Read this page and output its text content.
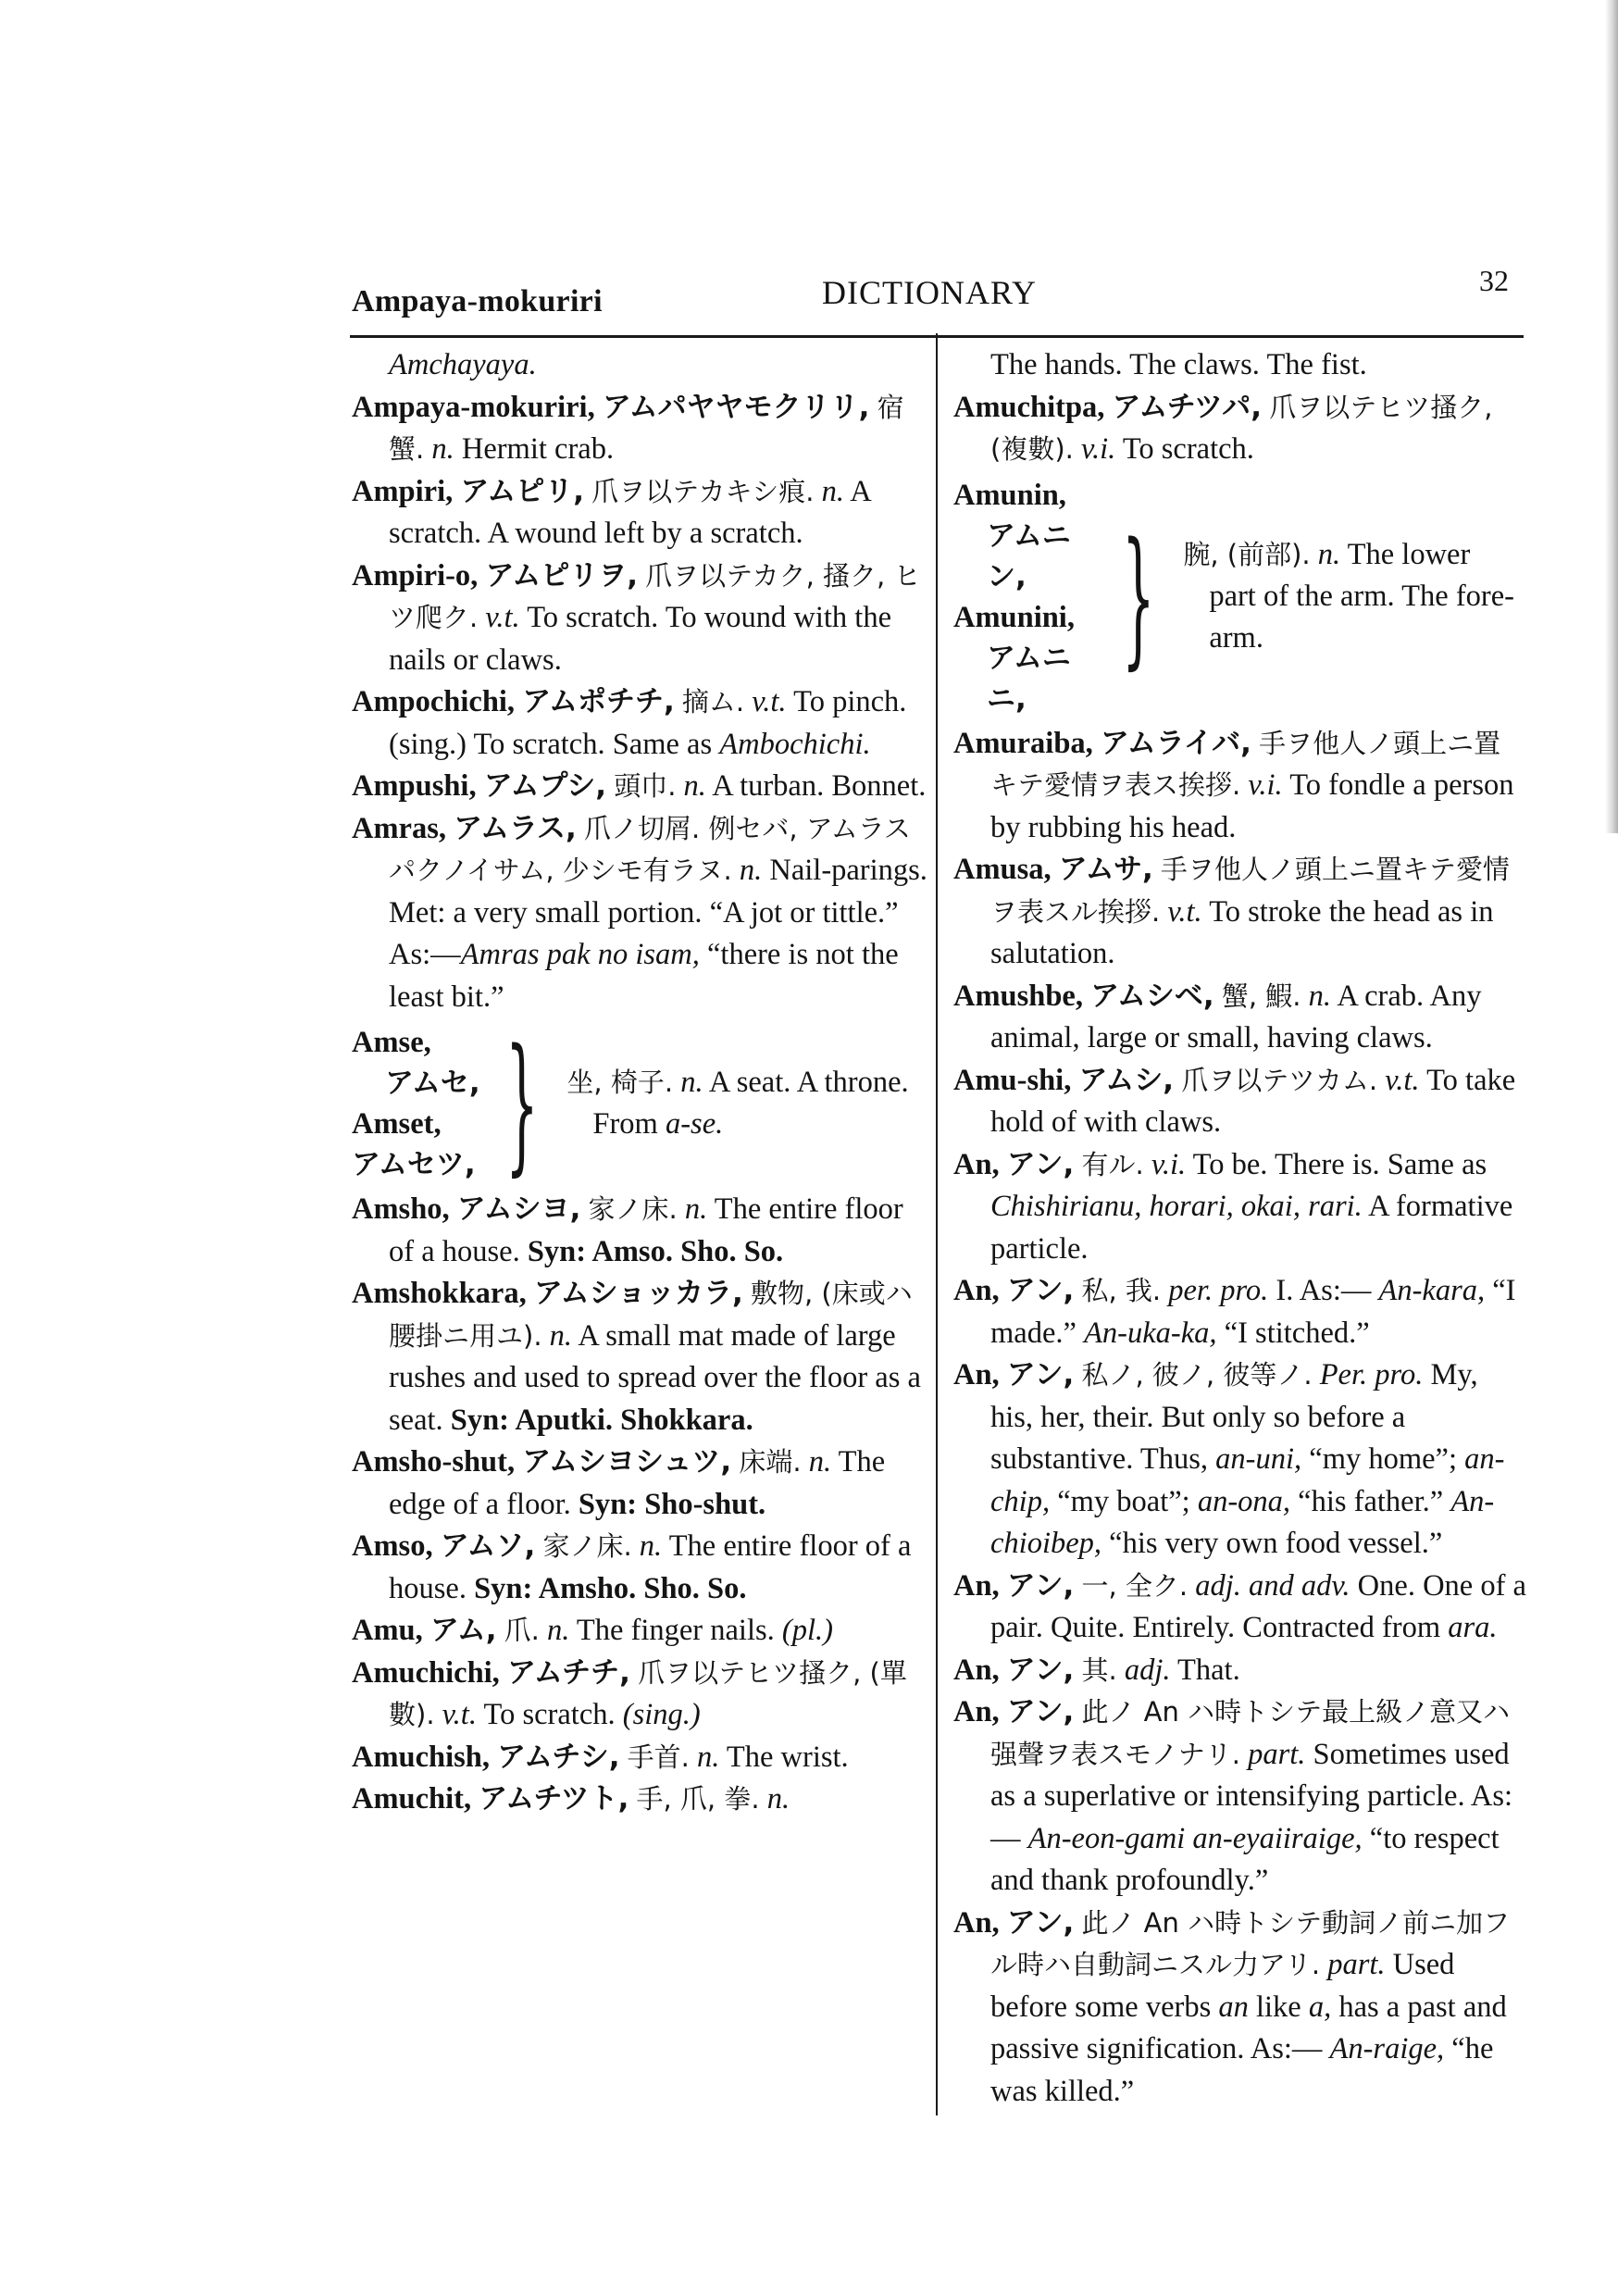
Ampaya-mokuriri	DICTIONARY	32
Amchayaya.
Ampaya-mokuriri, アムパヤヤモクリリ, 宿蟹. n. Hermit crab.
Ampiri, アムピリ, 爪ヲ以テカキシ痕. n. A scratch. A wound left by a scratch.
Ampiri-o, アムピリヲ, 爪ヲ以テカク, 搔ク, ヒツ爬ク. v.t. To scratch. To wound with the nails or claws.
Ampochichi, アムポチチ, 摘ム. v.t. To pinch. (sing.) To scratch. Same as Ambochichi.
Ampushi, アムプシ, 頭巾. n. A turban. Bonnet.
Amras, アムラス, 爪ノ切屑. 例セバ, アムラスパクノイサム, 少シモ有ラヌ. n. Nail-parings. Met: a very small portion. “A jot or tittle.” As:—Amras pak no isam, “there is not the least bit.”
Amse,
アムセ,
Amset,
アムセツ, } 坐, 椅子. n. A seat. A throne.
From a-se.
Amsho, アムシヨ, 家ノ床. n. The entire floor of a house. Syn: Amso. Sho. So.
Amshokkara, アムショッカラ, 敷物, (床或ハ腰掛ニ用ユ). n. A small mat made of large rushes and used to spread over the floor as a seat. Syn: Aputki. Shokkara.
Amsho-shut, アムシヨシュツ, 床端. n. The edge of a floor. Syn: Sho-shut.
Amso, アムソ, 家ノ床. n. The entire floor of a house. Syn: Amsho. Sho. So.
Amu, アム, 爪. n. The finger nails. (pl.)
Amuchichi, アムチチ, 爪ヲ以テヒツ搔ク, (單數). v.t. To scratch. (sing.)
Amuchish, アムチシ, 手首. n. The wrist.
Amuchit, アムチツト, 手, 爪, 拳. n.
The hands. The claws. The fist.
Amuchitpa, アムチツパ, 爪ヲ以テヒツ搔ク, (複數). v.i. To scratch.
Amunin,
アムニン,
Amunini,
アムニニ,
} 腕, (前部). n. The lower
part of the arm. The fore-arm.
Amuraiba, アムライバ, 手ヲ他人ノ頭上ニ置キテ愛情ヲ表ス挨拶. v.i. To fondle a person by rubbing his head.
Amusa, アムサ, 手ヲ他人ノ頭上ニ置キテ愛情ヲ表スル挨拶. v.t. To stroke the head as in salutation.
Amushbe, アムシベ, 蟹, 鰕. n. A crab. Any animal, large or small, having claws.
Amu-shi, アムシ, 爪ヲ以テツカム. v.t. To take hold of with claws.
An, アン, 有ル. v.i. To be. There is. Same as Chishirianu, horari, okai, rari. A formative particle.
An, アン, 私, 我. per. pro. I. As:— An-kara, “I made.” An-uka-ka, “I stitched.”
An, アン, 私ノ, 彼ノ, 彼等ノ. Per. pro. My, his, her, their. But only so before a substantive. Thus, an-uni, “my home”; an-chip, “my boat”; an-ona, “his father.” An-chioibep, “his very own food vessel.”
An, アン, 一, 全ク. adj. and adv. One. One of a pair. Quite. Entirely. Contracted from ara.
An, アン, 其. adj. That.
An, アン, 此ノ An ハ時トシテ最上級ノ意又ハ强聲ヲ表スモノナリ. part. Sometimes used as a superlative or intensifying particle. As:— An-eon-gami an-eyaiiraige, “to respect and thank profoundly.”
An, アン, 此ノ An ハ時トシテ動詞ノ前ニ加フル時ハ自動詞ニスル力アリ. part. Used before some verbs an like a, has a past and passive signification. As:— An-raige, “he was killed.”
